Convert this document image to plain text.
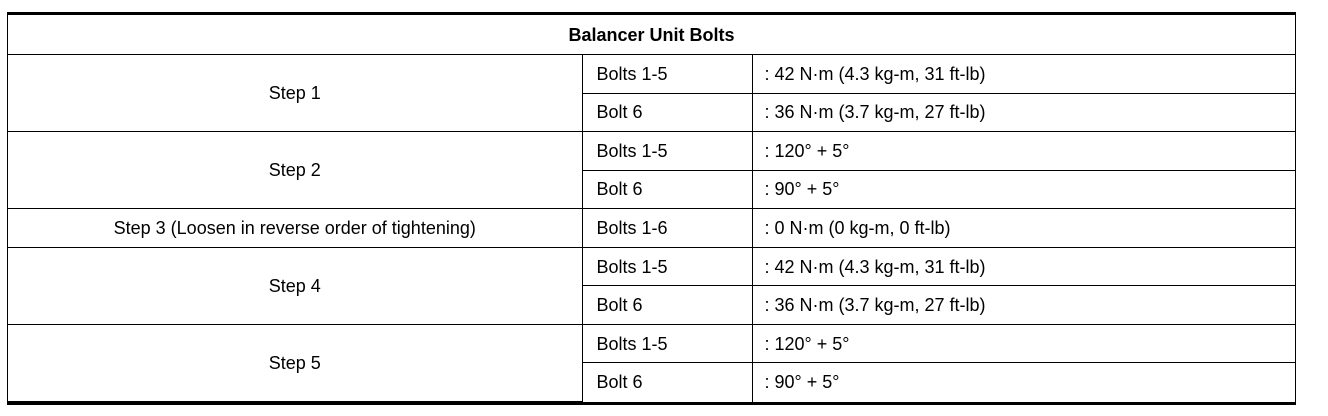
Balancer Unit Bolts		
Step 1	Bolts 1-5	: 42 N·m (4.3 kg-m, 31 ft-lb)
	Bolt 6	: 36 N·m (3.7 kg-m, 27 ft-lb)
Step 2	Bolts 1-5	: 120° + 5°
	Bolt 6	: 90° + 5°
Step 3 (Loosen in reverse order of tightening)	Bolts 1-6	: 0 N·m (0 kg-m, 0 ft-lb)
Step 4	Bolts 1-5	: 42 N·m (4.3 kg-m, 31 ft-lb)
	Bolt 6	: 36 N·m (3.7 kg-m, 27 ft-lb)
Step 5	Bolts 1-5	: 120° + 5°
	Bolt 6	: 90° + 5°
